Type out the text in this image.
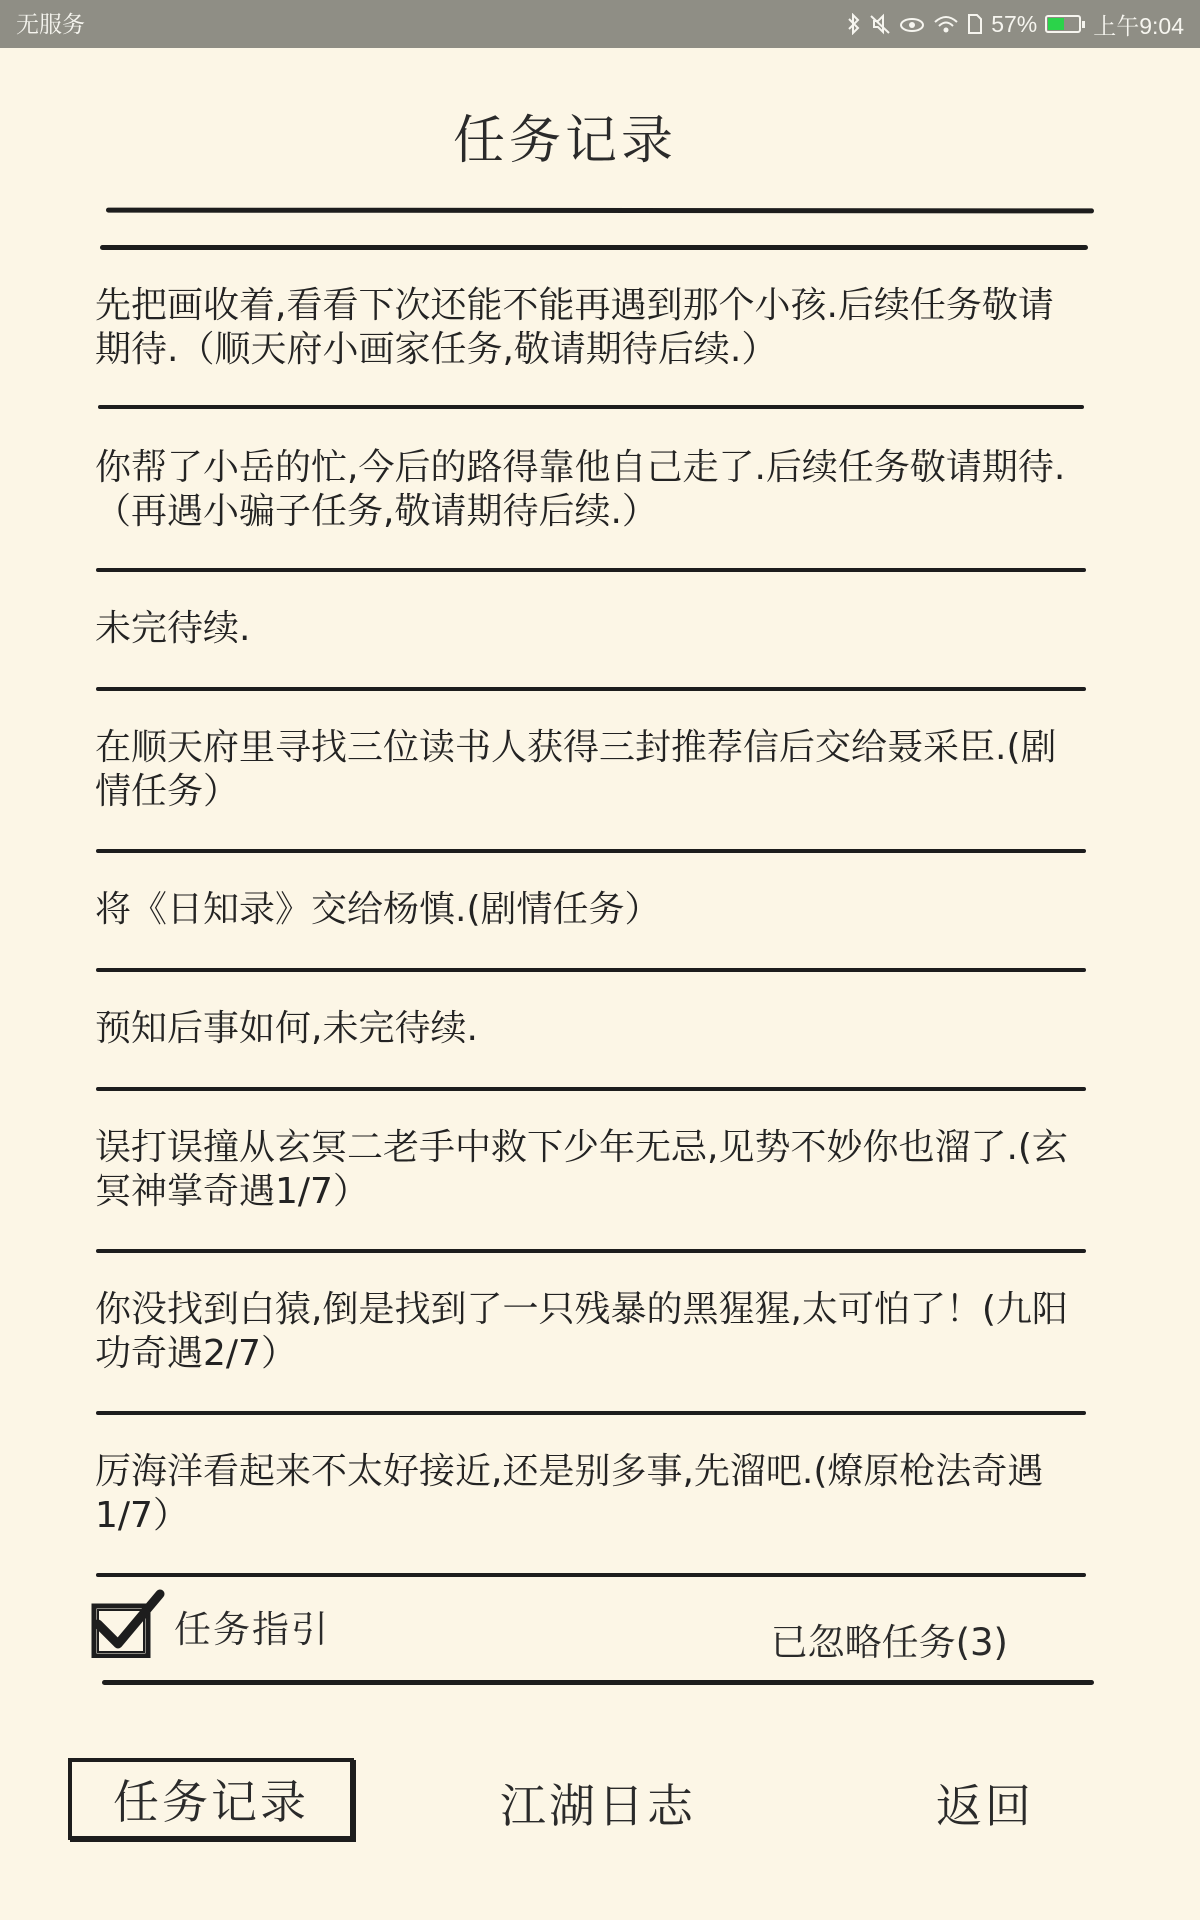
无服务	57% 上午9:04
任务记录
先把画收着,看看下次还能不能再遇到那个小孩.后续任务敬请期待.（顺天府小画家任务,敬请期待后续.）
你帮了小岳的忙,今后的路得靠他自己走了.后续任务敬请期待.（再遇小骗子任务,敬请期待后续.）
未完待续.
在顺天府里寻找三位读书人获得三封推荐信后交给聂采臣.(剧情任务）
将《日知录》交给杨慎.(剧情任务）
预知后事如何,未完待续.
误打误撞从玄冥二老手中救下少年无忌,见势不妙你也溜了.(玄冥神掌奇遇1/7）
你没找到白猿,倒是找到了一只残暴的黑猩猩,太可怕了！(九阳功奇遇2/7）
厉海洋看起来不太好接近,还是别多事,先溜吧.(燎原枪法奇遇1/7）
任务指引	已忽略任务(3)
任务记录	江湖日志	返回
